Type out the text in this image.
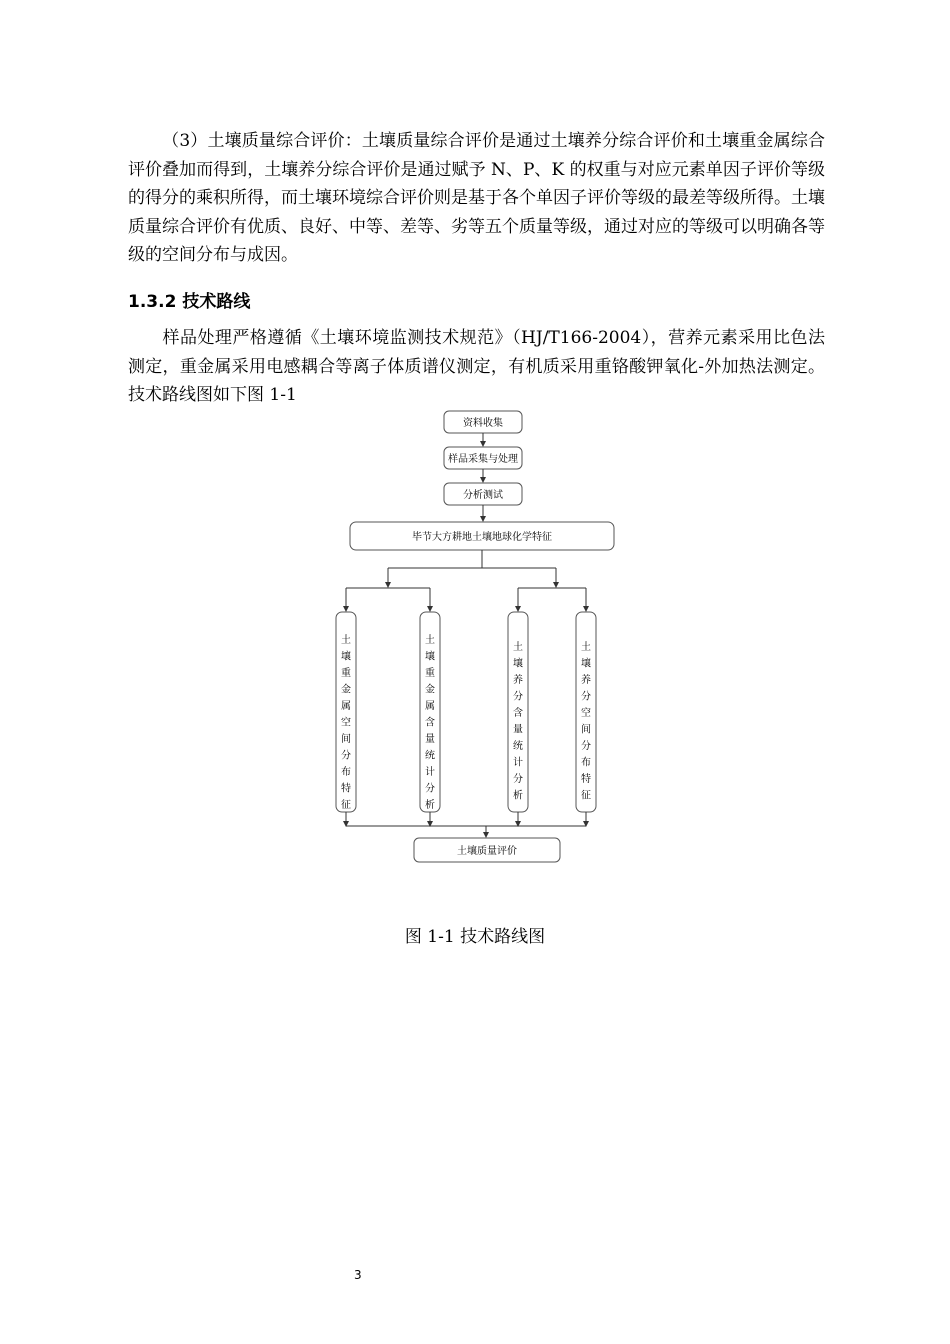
（3）土壤质量综合评价：土壤质量综合评价是通过土壤养分综合评价和土壤重金属综合评价叠加而得到，土壤养分综合评价是通过赋予 N、P、K 的权重与对应元素单因子评价等级的得分的乘积所得，而土壤环境综合评价则是基于各个单因子评价等级的最差等级所得。土壤质量综合评价有优质、良好、中等、差等、劣等五个质量等级，通过对应的等级可以明确各等级的空间分布与成因。

1.3.2 技术路线

样品处理严格遵循《土壤环境监测技术规范》（HJ/T166-2004），营养元素采用比色法测定，重金属采用电感耦合等离子体质谱仪测定，有机质采用重铬酸钾氧化-外加热法测定。技术路线图如下图 1-1

资料收集
样品采集与处理
分析测试
毕节大方耕地土壤地球化学特征
土壤重金属空间分布特征
土壤重金属含量统计分析
土壤养分含量统计分析
土壤养分空间分布特征
土壤质量评价

图 1-1 技术路线图

3
